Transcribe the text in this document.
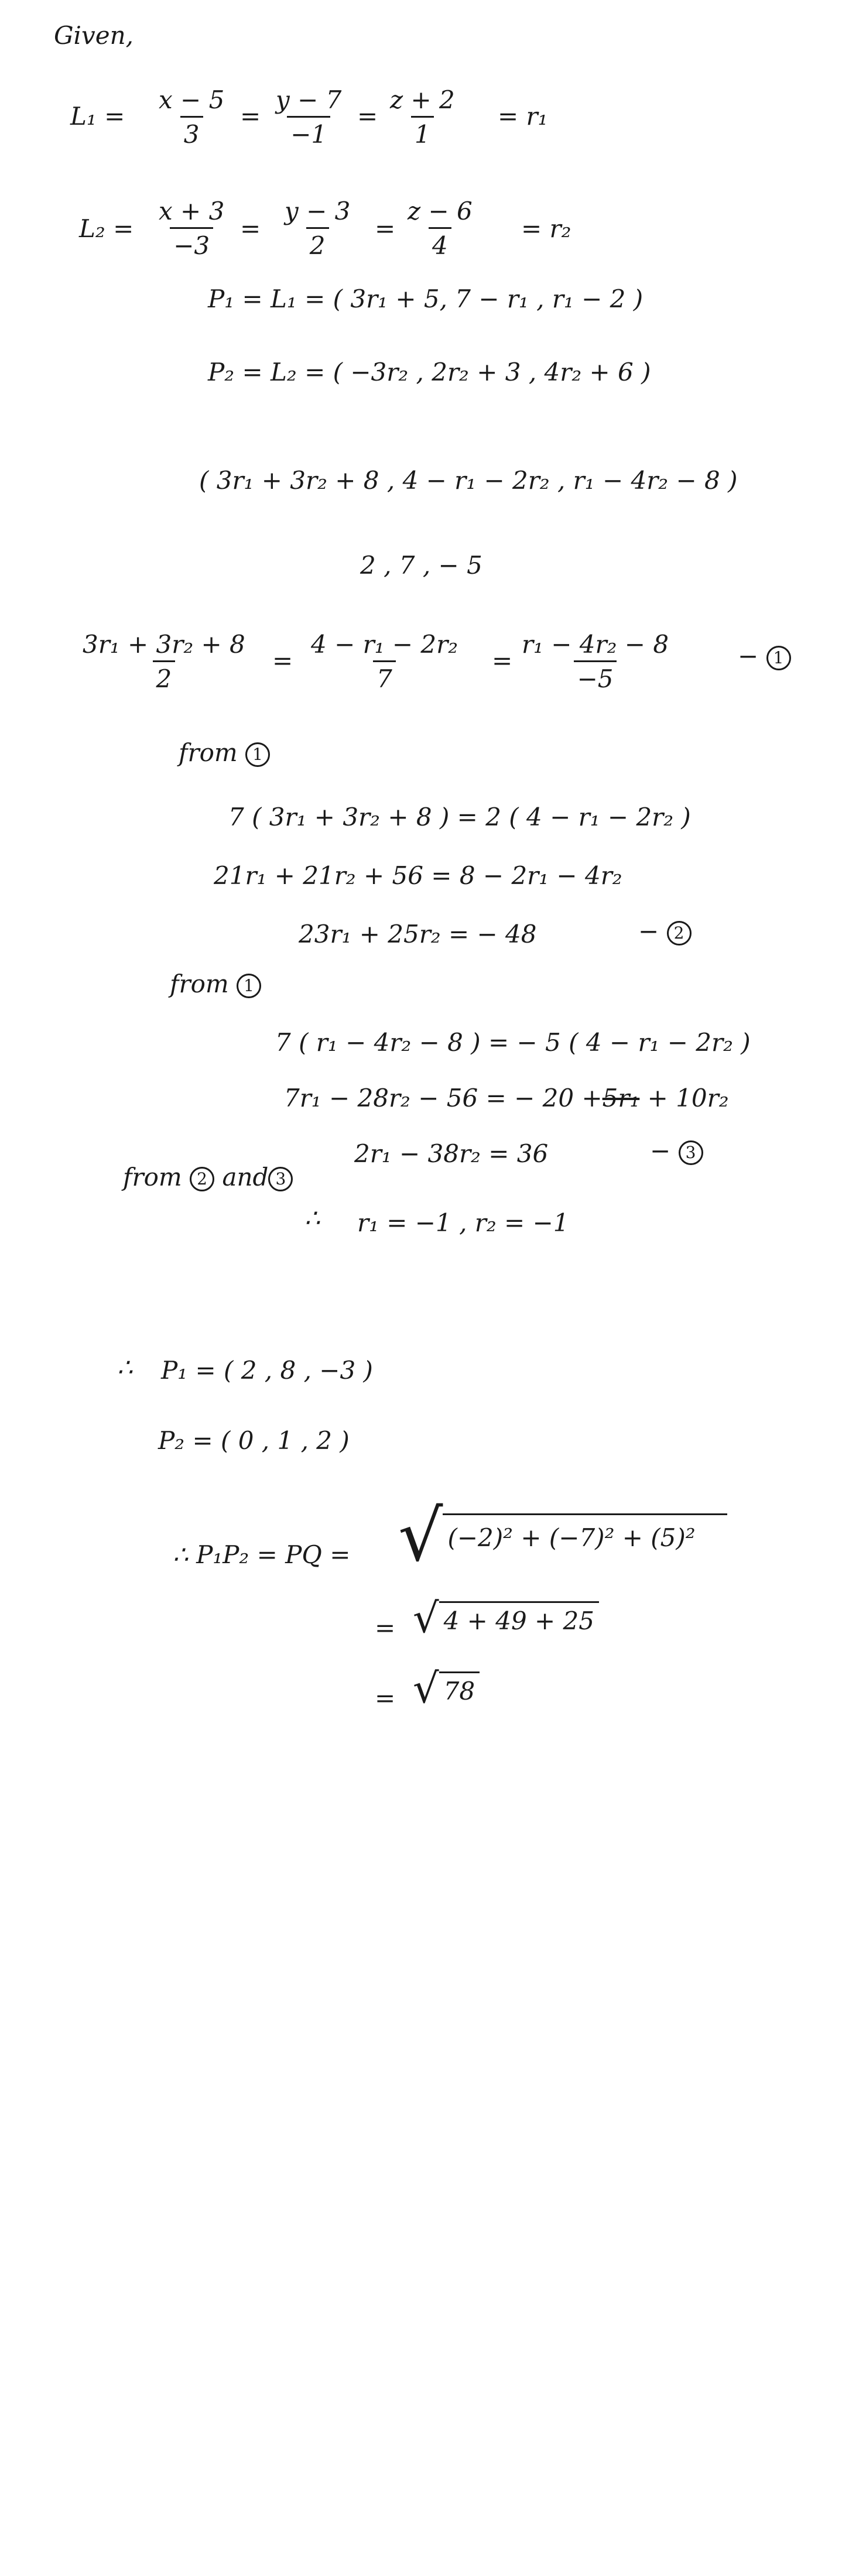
Given,
$L_1 = \frac{x - 5}{3} = \frac{y - 7}{-1} = \frac{z + 2}{1} = r_1$
$L_2 = \frac{x + 3}{-3} = \frac{y - 3}{2} = \frac{z - 6}{4} = r_2$
P₁ = L₁ = ( 3r₁ + 5, 7 − r₁ , r₁ − 2 )
P₂ = L₂ = ( −3r₂ , 2r₂ + 3 , 4r₂ + 6 )
( 3r₁ + 3r₂ + 8 , 4 − r₁ − 2r₂ , r₁ − 4r₂ − 8 )
2 , 7 , − 5
$\frac{\text{3r₁ + 3r₂ + 8}}{2} = \frac{\text{4 − r₁ − 2r₂}}{7} = \frac{\text{r₁ − 4r₂ − 8}}{-5}$	− 1
from 1
7 ( 3r₁ + 3r₂ + 8 ) = 2 ( 4 − r₁ − 2r₂ )
21r₁ + 21r₂ + 56 = 8 − 2r₁ − 4r₂
23r₁ + 25r₂ = − 48	− 2
from 1
7 ( r₁ − 4r₂ − 8 ) = − 5 ( 4 − r₁ − 2r₂ )
7r₁ − 28r₂ − 56 = − 20 +5r₁ + 10r₂
2r₁ − 38r₂ = 36	− 3
from 2 and 3
∴ r₁ = −1 , r₂ = −1
∴ P₁ = ( 2 , 8 , −3 )
P₂ = ( 0 , 1 , 2 )
∴ P₁P₂ = PQ = √ (−2)² + (−7)² + (5)²
= √ 4 + 49 + 25
= √ 78
